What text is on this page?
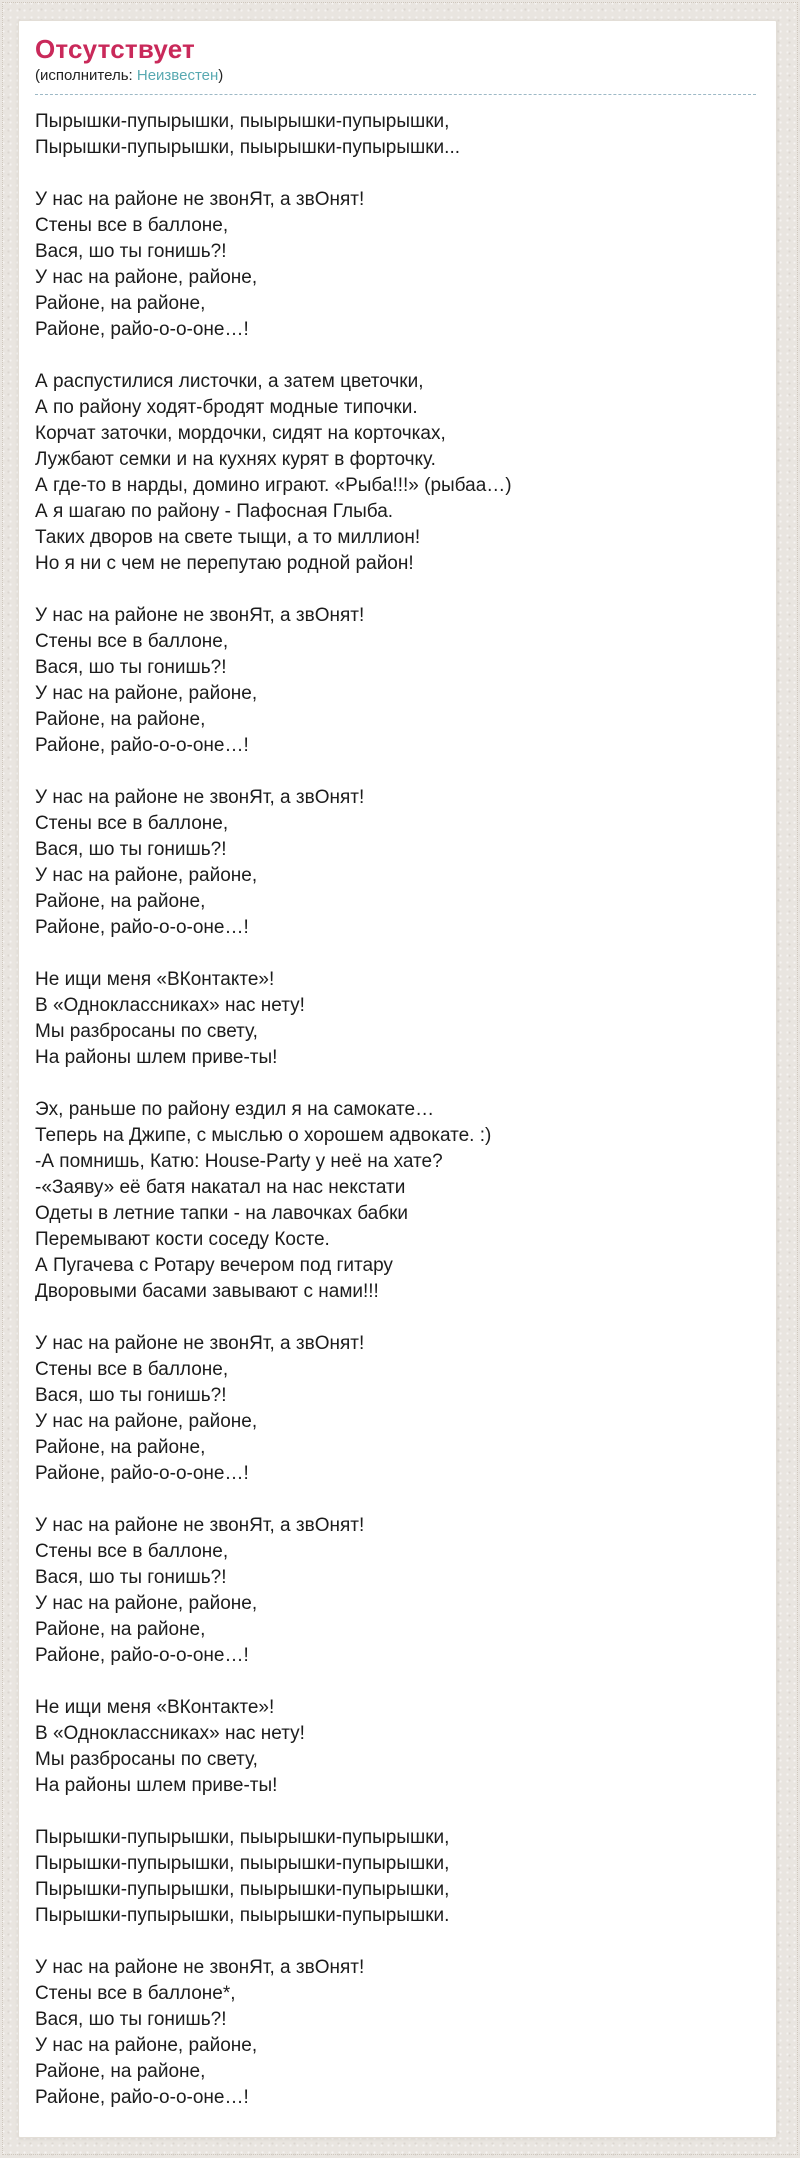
Отсутствует
(исполнитель: Неизвестен)

Пырышки-пупырышки, пыырышки-пупырышки,
Пырышки-пупырышки, пыырышки-пупырышки...

У нас на районе не звонЯт, а звОнят!
Стены все в баллоне,
Вася, шо ты гонишь?!
У нас на районе, районе,
Районе, на районе,
Районе, райо-о-о-оне…!

А распустилися листочки, а затем цветочки,
А по району ходят-бродят модные типочки.
Корчат заточки, мордочки, сидят на корточках,
Лужбают семки и на кухнях курят в форточку.
А где-то в нарды, домино играют. «Рыба!!!» (рыбаа…)
А я шагаю по району - Пафосная Глыба.
Таких дворов на свете тыщи, а то миллион!
Но я ни с чем не перепутаю родной район!

У нас на районе не звонЯт, а звОнят!
Стены все в баллоне,
Вася, шо ты гонишь?!
У нас на районе, районе,
Районе, на районе,
Районе, райо-о-о-оне…!

У нас на районе не звонЯт, а звОнят!
Стены все в баллоне,
Вася, шо ты гонишь?!
У нас на районе, районе,
Районе, на районе,
Районе, райо-о-о-оне…!

Не ищи меня «ВКонтакте»!
В «Одноклассниках» нас нету!
Мы разбросаны по свету,
На районы шлем приве-ты!

Эх, раньше по району ездил я на самокате…
Теперь на Джипе, с мыслью о хорошем адвокате. :)
-А помнишь, Катю: House-Party у неё на хате?
-«Заяву» её батя накатал на нас некстати
Одеты в летние тапки - на лавочках бабки
Перемывают кости соседу Косте.
А Пугачева с Ротару вечером под гитару
Дворовыми басами завывают с нами!!!

У нас на районе не звонЯт, а звОнят!
Стены все в баллоне,
Вася, шо ты гонишь?!
У нас на районе, районе,
Районе, на районе,
Районе, райо-о-о-оне…!

У нас на районе не звонЯт, а звОнят!
Стены все в баллоне,
Вася, шо ты гонишь?!
У нас на районе, районе,
Районе, на районе,
Районе, райо-о-о-оне…!

Не ищи меня «ВКонтакте»!
В «Одноклассниках» нас нету!
Мы разбросаны по свету,
На районы шлем приве-ты!

Пырышки-пупырышки, пыырышки-пупырышки,
Пырышки-пупырышки, пыырышки-пупырышки,
Пырышки-пупырышки, пыырышки-пупырышки,
Пырышки-пупырышки, пыырышки-пупырышки.

У нас на районе не звонЯт, а звОнят!
Стены все в баллоне*,
Вася, шо ты гонишь?!
У нас на районе, районе,
Районе, на районе,
Районе, райо-о-о-оне…!
